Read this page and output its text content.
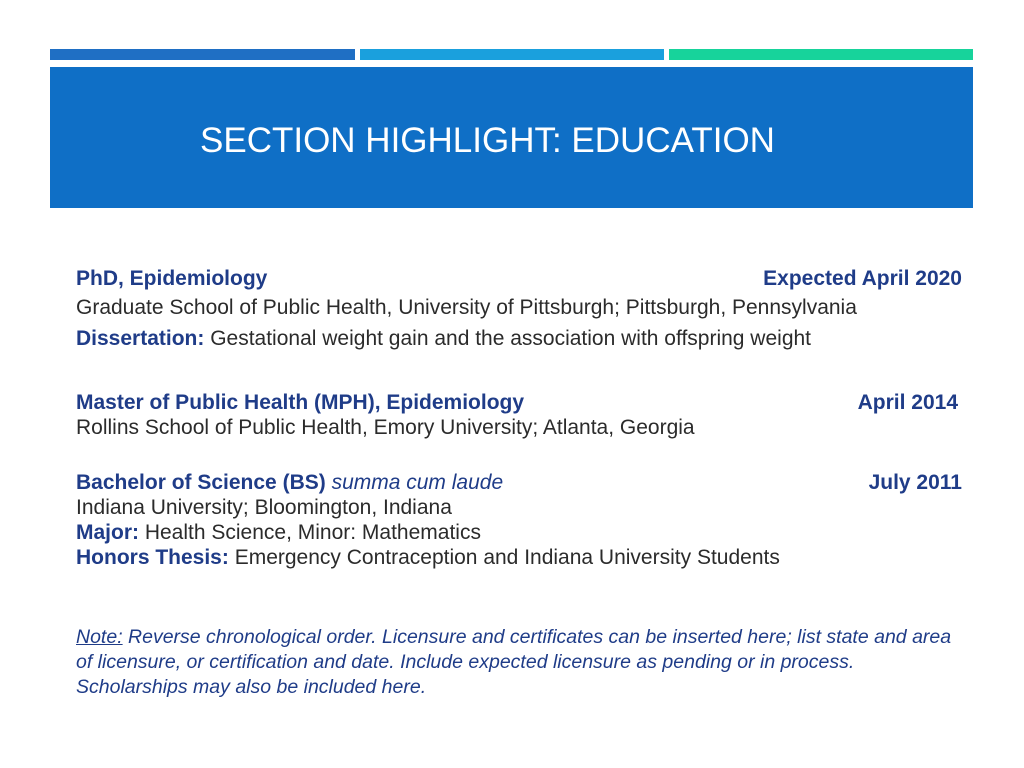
SECTION HIGHLIGHT: EDUCATION
PhD, Epidemiology	Expected April 2020
Graduate School of Public Health, University of Pittsburgh; Pittsburgh, Pennsylvania
Dissertation: Gestational weight gain and the association with offspring weight
Master of Public Health (MPH), Epidemiology	April 2014
Rollins School of Public Health, Emory University; Atlanta, Georgia
Bachelor of Science (BS) summa cum laude	July 2011
Indiana University; Bloomington, Indiana
Major: Health Science, Minor: Mathematics
Honors Thesis: Emergency Contraception and Indiana University Students
Note: Reverse chronological order. Licensure and certificates can be inserted here; list state and area of licensure, or certification and date. Include expected licensure as pending or in process. Scholarships may also be included here.
